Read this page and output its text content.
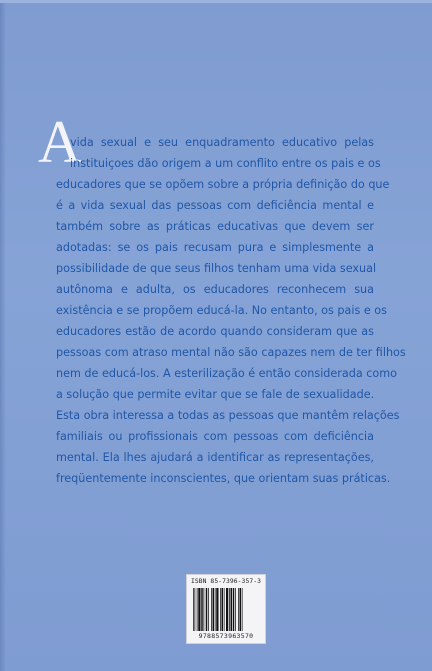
A
vida sexual e seu enquadramento educativo pelas
instituiçoes dão origem a um conflito entre os pais e os
educadores que se opõem sobre a própria definição do que
é a vida sexual das pessoas com deficiência mental e
também sobre as práticas educativas que devem ser
adotadas: se os pais recusam pura e simplesmente a
possibilidade de que seus filhos tenham uma vida sexual
autônoma e adulta, os educadores reconhecem sua
existência e se propõem educá-la. No entanto, os pais e os
educadores estão de acordo quando consideram que as
pessoas com atraso mental não são capazes nem de ter filhos
nem de educá-los. A esterilização é então considerada como
a solução que permite evitar que se fale de sexualidade.
Esta obra interessa a todas as pessoas que mantêm relações
familiais ou profissionais com pessoas com deficiência
mental. Ela lhes ajudará a identificar as representações,
freqüentemente inconscientes, que orientam suas práticas.
ISBN 85-7396-357-3
9788573963570
